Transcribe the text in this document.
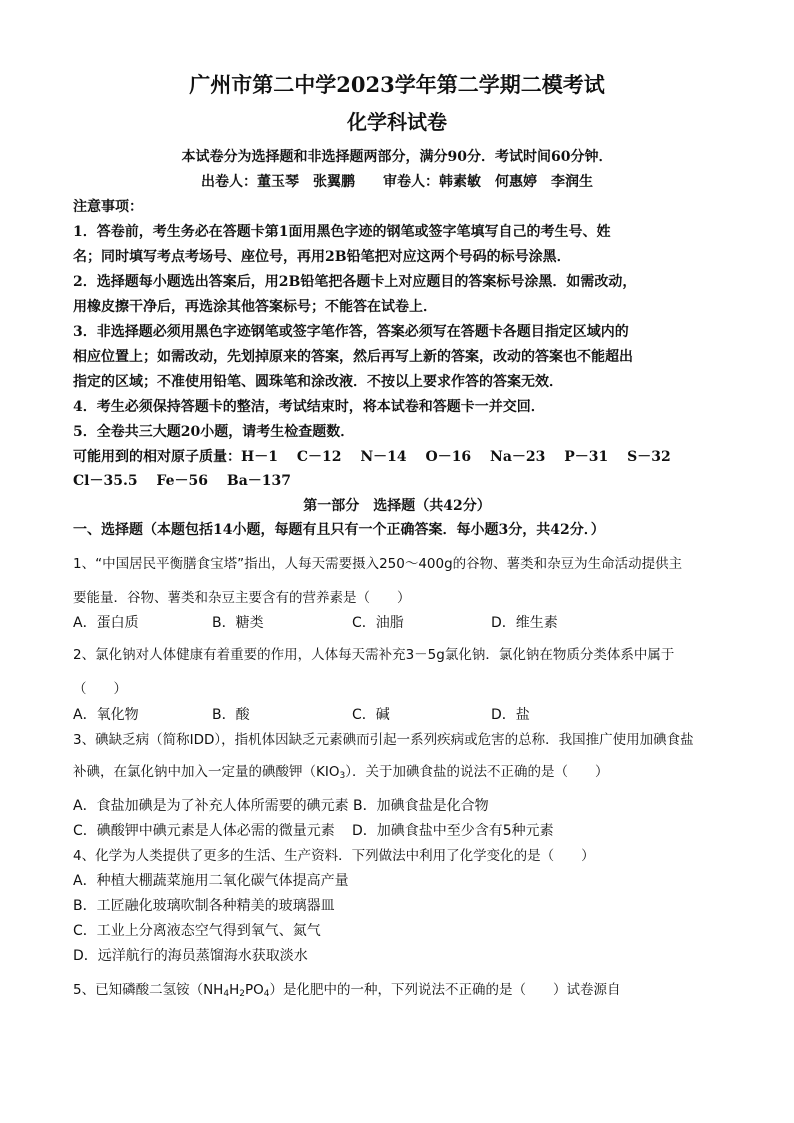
广州市第二中学2023学年第二学期二模考试
化学科试卷
本试卷分为选择题和非选择题两部分，满分90分．考试时间60分钟．
出卷人：董玉琴　张翼鹏　　审卷人：韩素敏　何惠婷　李润生
注意事项：
1．答卷前，考生务必在答题卡第1面用黑色字迹的钢笔或签字笔填写自己的考生号、姓
名；同时填写考点考场号、座位号，再用2B铅笔把对应这两个号码的标号涂黑．
2．选择题每小题选出答案后，用2B铅笔把各题卡上对应题目的答案标号涂黑．如需改动，
用橡皮擦干净后，再选涂其他答案标号；不能答在试卷上．
3．非选择题必须用黑色字迹钢笔或签字笔作答，答案必须写在答题卡各题目指定区域内的
相应位置上；如需改动，先划掉原来的答案，然后再写上新的答案，改动的答案也不能超出
指定的区域；不准使用铅笔、圆珠笔和涂改液．不按以上要求作答的答案无效．
4．考生必须保持答题卡的整洁，考试结束时，将本试卷和答题卡一并交回．
5．全卷共三大题20小题，请考生检查题数．
可能用到的相对原子质量：H－1　 C－12　 N－14　 O－16　 Na－23　 P－31　 S－32
Cl－35.5　 Fe－56　 Ba－137
第一部分　选择题（共42分）
一、选择题（本题包括14小题，每题有且只有一个正确答案．每小题3分，共42分．）
1、“中国居民平衡膳食宝塔”指出，人每天需要摄入250～400g的谷物、薯类和杂豆为生命活动提供主
要能量．谷物、薯类和杂豆主要含有的营养素是（　　）
A．蛋白质	B．糖类	C．油脂	D．维生素
2、氯化钠对人体健康有着重要的作用，人体每天需补充3－5g氯化钠．氯化钠在物质分类体系中属于
（　　）
A．氧化物	B．酸	C．碱	D．盐
3、碘缺乏病（简称IDD），指机体因缺乏元素碘而引起一系列疾病或危害的总称．我国推广使用加碘食盐
补碘，在氯化钠中加入一定量的碘酸钾$(KIO_3)$．关于加碘食盐的说法不正确的是（　　）
A．食盐加碘是为了补充人体所需要的碘元素 B．加碘食盐是化合物
C．碘酸钾中碘元素是人体必需的微量元素 D．加碘食盐中至少含有5种元素
4、化学为人类提供了更多的生活、生产资料．下列做法中利用了化学变化的是（　　）
A．种植大棚蔬菜施用二氧化碳气体提高产量
B．工匠融化玻璃吹制各种精美的玻璃器皿
C．工业上分离液态空气得到氧气、氮气
D．远洋航行的海员蒸馏海水获取淡水
5、已知磷酸二氢铵$(NH_4H_2PO_4)$是化肥中的一种，下列说法不正确的是（　　）试卷源自
